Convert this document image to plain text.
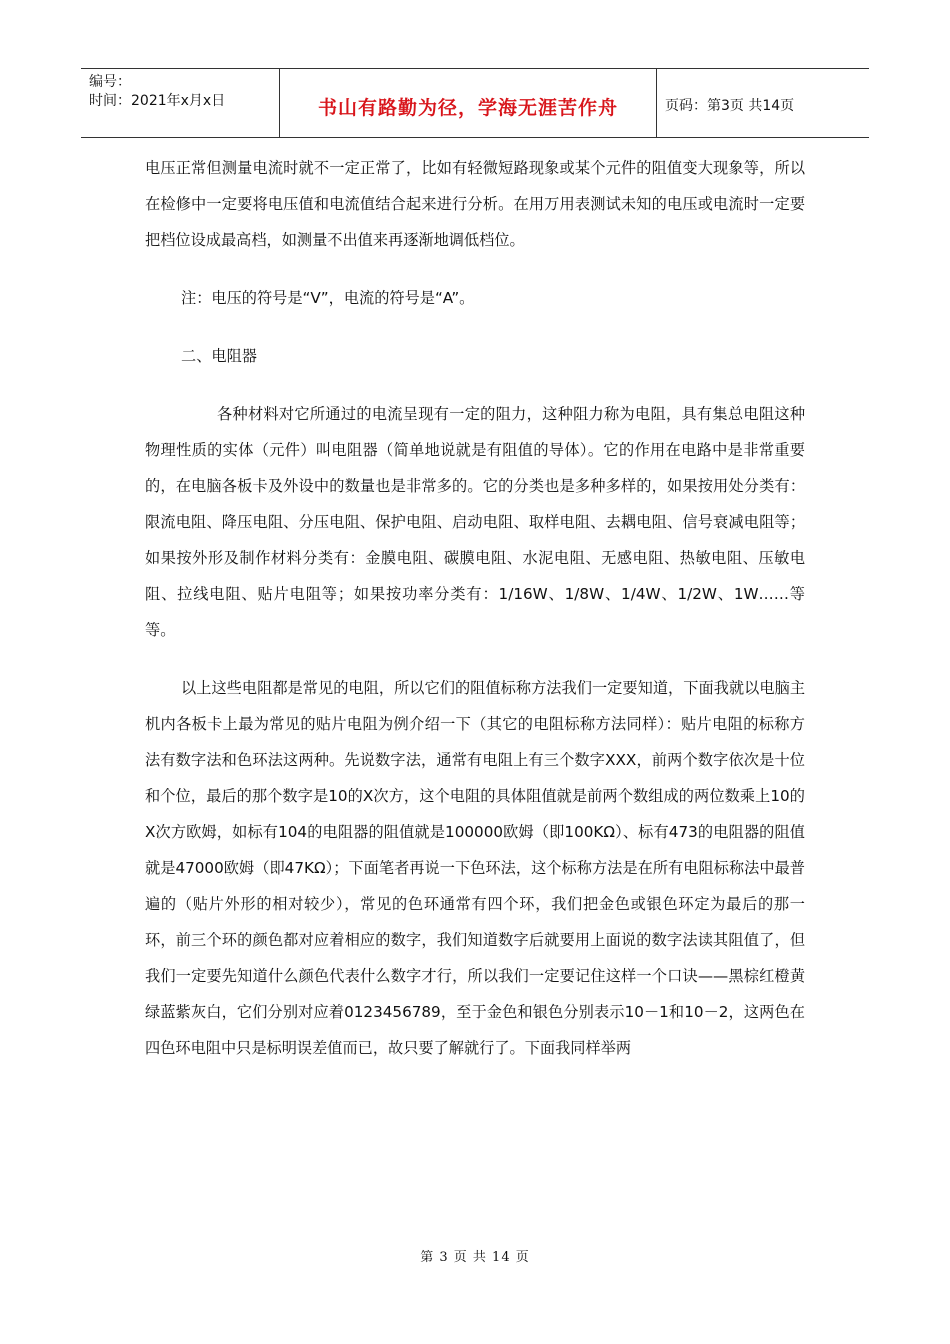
编号：
时间：2021年x月x日	书山有路勤为径，学海无涯苦作舟	页码：第3页 共14页

电压正常但测量电流时就不一定正常了，比如有轻微短路现象或某个元件的阻值变大现象等，所以在检修中一定要将电压值和电流值结合起来进行分析。在用万用表测试未知的电压或电流时一定要把档位设成最高档，如测量不出值来再逐渐地调低档位。

注：电压的符号是“V”，电流的符号是“A”。

二、电阻器

各种材料对它所通过的电流呈现有一定的阻力，这种阻力称为电阻，具有集总电阻这种物理性质的实体（元件）叫电阻器（简单地说就是有阻值的导体）。它的作用在电路中是非常重要的，在电脑各板卡及外设中的数量也是非常多的。它的分类也是多种多样的，如果按用处分类有：限流电阻、降压电阻、分压电阻、保护电阻、启动电阻、取样电阻、去耦电阻、信号衰减电阻等；如果按外形及制作材料分类有：金膜电阻、碳膜电阻、水泥电阻、无感电阻、热敏电阻、压敏电阻、拉线电阻、贴片电阻等；如果按功率分类有：1/16W、1/8W、1/4W、1/2W、1W……等等。

以上这些电阻都是常见的电阻，所以它们的阻值标称方法我们一定要知道，下面我就以电脑主机内各板卡上最为常见的贴片电阻为例介绍一下（其它的电阻标称方法同样）：贴片电阻的标称方法有数字法和色环法这两种。先说数字法，通常有电阻上有三个数字XXX，前两个数字依次是十位和个位，最后的那个数字是10的X次方，这个电阻的具体阻值就是前两个数组成的两位数乘上10的X次方欧姆，如标有104的电阻器的阻值就是100000欧姆（即100KΩ）、标有473的电阻器的阻值就是47000欧姆（即47KΩ）；下面笔者再说一下色环法，这个标称方法是在所有电阻标称法中最普遍的（贴片外形的相对较少），常见的色环通常有四个环，我们把金色或银色环定为最后的那一环，前三个环的颜色都对应着相应的数字，我们知道数字后就要用上面说的数字法读其阻值了，但我们一定要先知道什么颜色代表什么数字才行，所以我们一定要记住这样一个口诀——黑棕红橙黄绿蓝紫灰白，它们分别对应着0123456789，至于金色和银色分别表示10－1和10－2，这两色在四色环电阻中只是标明误差值而已，故只要了解就行了。下面我同样举两

第 3 页 共 14 页
